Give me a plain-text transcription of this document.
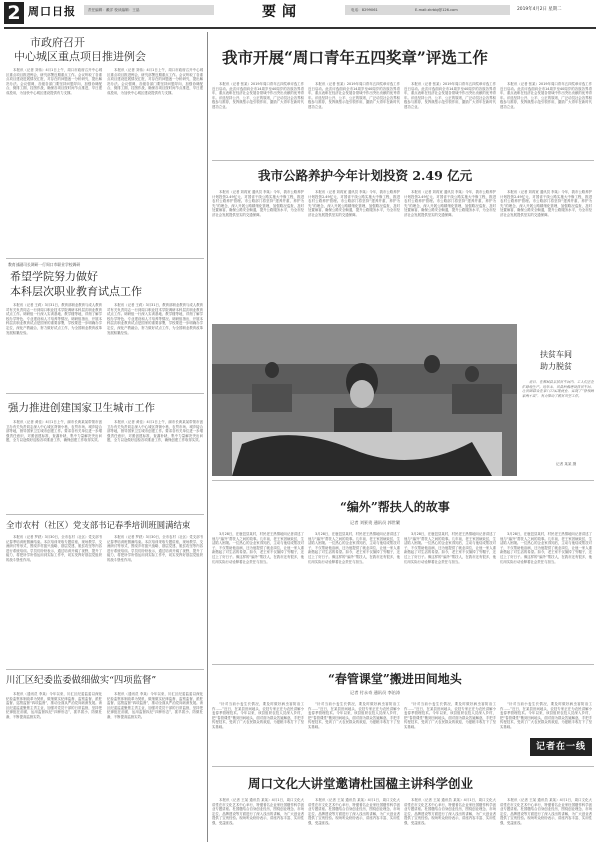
2 周口日报	责任编辑：戴洋 校读编辑：王晶	要闻	电话：8299061	E-mail:zkrbbj@126.com	2019年4月2日 星期二
市政府召开
中心城区重点项目推进例会

本报讯（记者 刘伟）4月1日上午，周口市政府召开中心城区重点项目推进例会，研究部署近期重点工作。会议听取了各重点项目建设进展情况汇报，对存在的问题逐一分析研究，提出解决办法。会议强调，各级各部门要坚持问题导向，加强协调配合，倒排工期，挂图作战，确保各项目按时间节点推进，早日建成投用，为加快中心城区建设提供有力支撑。

本报讯（记者 刘伟）4月1日上午，周口市政府召开中心城区重点项目推进例会，研究部署近期重点工作。会议听取了各重点项目建设进展情况汇报，对存在的问题逐一分析研究，提出解决办法。会议强调，各级各部门要坚持问题导向，加强协调配合，倒排工期，挂图作战，确保各项目按时间节点推进，早日建成投用，为加快中心城区建设提供有力支撑。

教育部副司长调研一行周口市职业学校调研
希望学院努力做好
本科层次职业教育试点工作

本报讯（记者 王莉）3月31日，教育部职业教育与成人教育司有关负责同志一行到周口职业技术学院调研本科层次职业教育试点工作。调研组一行深入实训基地、教学楼等地，详细了解学校办学特色、专业建设和人才培养等情况。调研组指出，开展本科层次职业教育试点是国家的重要部署，学校要进一步明确办学定位，深化产教融合，努力做好试点工作，为全国职业教育改革发展积累经验。

本报讯（记者 王莉）3月31日，教育部职业教育与成人教育司有关负责同志一行到周口职业技术学院调研本科层次职业教育试点工作。调研组一行深入实训基地、教学楼等地，详细了解学校办学特色、专业建设和人才培养等情况。调研组指出，开展本科层次职业教育试点是国家的重要部署，学校要进一步明确办学定位，深化产教融合，努力做好试点工作，为全国职业教育改革发展积累经验。

强力推进创建国家卫生城市工作

本报讯（记者 黄佳）4月1日上午，副市长黄某某带领市创卫办有关负责同志深入中心城区背街小巷、农贸市场、城乡接合部等地，督导国家卫生城市创建工作。要求各有关单位进一步增强责任意识，对照创建标准，查漏补缺，集中力量解决突出问题，全力以赴做好迎检各项准备工作，确保创建工作取得实效。

本报讯（记者 黄佳）4月1日上午，副市长黄某某带领市创卫办有关负责同志深入中心城区背街小巷、农贸市场、城乡接合部等地，督导国家卫生城市创建工作。要求各有关单位进一步增强责任意识，对照创建标准，查漏补缺，集中力量解决突出问题，全力以赴做好迎检各项准备工作，确保创建工作取得实效。

全市农村（社区）党支部书记春季培训班圆满结束

本报讯（记者 罗跃）3月30日，全市农村（社区）党支部书记春季培训班圆满结束。本次培训采取专题讲座、现场教学、交流研讨等形式，围绕乡村振兴战略、基层党建、脱贫攻坚等内容进行系统培训。学员们纷纷表示，通过培训开阔了视野，提升了能力，将把所学所悟运用到实际工作中，切实发挥好基层党组织的战斗堡垒作用。

本报讯（记者 罗跃）3月30日，全市农村（社区）党支部书记春季培训班圆满结束。本次培训采取专题讲座、现场教学、交流研讨等形式，围绕乡村振兴战略、基层党建、脱贫攻坚等内容进行系统培训。学员们纷纷表示，通过培训开阔了视野，提升了能力，将把所学所悟运用到实际工作中，切实发挥好基层党组织的战斗堡垒作用。

川汇区纪委监委做细做实“四项监督”

本报讯（通讯员 李某）今年以来，川汇区纪委监委以深化纪检监察体制改革为契机，做细做实纪律监督、监察监督、派驻监督、巡察监督“四项监督”，推动全面从严治党向纵深发展。该区纪委监委聚焦主责主业，加强对党员干部的日常监督，坚持把纪律挺在前面，运用监督执纪“四种形态”，抓早抓小、防微杜渐，不断提高监督实效。

本报讯（通讯员 李某）今年以来，川汇区纪委监委以深化纪检监察体制改革为契机，做细做实纪律监督、监察监督、派驻监督、巡察监督“四项监督”，推动全面从严治党向纵深发展。该区纪委监委聚焦主责主业，加强对党员干部的日常监督，坚持把纪律挺在前面，运用监督执纪“四种形态”，抓早抓小、防微杜渐，不断提高监督实效。

我市开展“周口青年五四奖章”评选工作

本报讯（记者 张某）2019年周口青年五四奖章评选工作近日启动。此次评选面向全市14周岁至40周岁的各族各界青年，重点表彰在经济社会发展各领域中作出突出贡献的优秀青年。评选坚持公开、公平、公正的原则，广泛动员社会各界积极参与推荐，发挥典型示范引领作用，激励广大青年在新时代建功立业。

本报讯（记者 张某）2019年周口青年五四奖章评选工作近日启动。此次评选面向全市14周岁至40周岁的各族各界青年，重点表彰在经济社会发展各领域中作出突出贡献的优秀青年。评选坚持公开、公平、公正的原则，广泛动员社会各界积极参与推荐，发挥典型示范引领作用，激励广大青年在新时代建功立业。

本报讯（记者 张某）2019年周口青年五四奖章评选工作近日启动。此次评选面向全市14周岁至40周岁的各族各界青年，重点表彰在经济社会发展各领域中作出突出贡献的优秀青年。评选坚持公开、公平、公正的原则，广泛动员社会各界积极参与推荐，发挥典型示范引领作用，激励广大青年在新时代建功立业。

本报讯（记者 张某）2019年周口青年五四奖章评选工作近日启动。此次评选面向全市14周岁至40周岁的各族各界青年，重点表彰在经济社会发展各领域中作出突出贡献的优秀青年。评选坚持公开、公平、公正的原则，广泛动员社会各界积极参与推荐，发挥典型示范引领作用，激励广大青年在新时代建功立业。

我市公路养护今年计划投资 2.49 亿元

本报讯（记者 刘再宽 通讯员 李某）今年，我市公路养护计划投资2.49亿元，对国省干线公路实施大中修工程，推进农村公路养护管理。市公路部门将坚持“建养并重、养护为先”的理念，深入开展公路精细化管理，加强路况巡查，及时处置病害，确保公路安全畅通，提升公路服务水平，为全市经济社会发展提供坚实的交通保障。

本报讯（记者 刘再宽 通讯员 李某）今年，我市公路养护计划投资2.49亿元，对国省干线公路实施大中修工程，推进农村公路养护管理。市公路部门将坚持“建养并重、养护为先”的理念，深入开展公路精细化管理，加强路况巡查，及时处置病害，确保公路安全畅通，提升公路服务水平，为全市经济社会发展提供坚实的交通保障。

本报讯（记者 刘再宽 通讯员 李某）今年，我市公路养护计划投资2.49亿元，对国省干线公路实施大中修工程，推进农村公路养护管理。市公路部门将坚持“建养并重、养护为先”的理念，深入开展公路精细化管理，加强路况巡查，及时处置病害，确保公路安全畅通，提升公路服务水平，为全市经济社会发展提供坚实的交通保障。

本报讯（记者 刘再宽 通讯员 李某）今年，我市公路养护计划投资2.49亿元，对国省干线公路实施大中修工程，推进农村公路养护管理。市公路部门将坚持“建养并重、养护为先”的理念，深入开展公路精细化管理，加强路况巡查，及时处置病害，确保公路安全畅通，提升公路服务水平，为全市经济社会发展提供坚实的交通保障。

扶贫车间
助力脱贫

近日，在郸城县某扶贫车间内，工人们正在忙碌地生产。近年来，该县积极建设扶贫车间，让贫困群众在家门口实现就业，实现了“挣钱顾家两不误”，有力推动了脱贫攻坚工作。

记者 某某 摄
“编外”帮扶人的故事
记者 刘景贵 通讯员 郭世繁

3月28日，在鹿邑县某村，村民老王热情地向记者讲述了他与“编外”帮扶人之间的故事。几年前，老王家因病致贫，生活陷入困境。一位热心的企业家得知后，主动与他结成帮扶对子，不仅帮助他治病，还为他提供了就业岗位，让他一家人重新燃起了对生活的希望。如今，老王家不仅摘掉了穷帽子，还过上了好日子。像这样的“编外”帮扶人，在我市还有很多，他们用实际行动诠释着社会责任与担当。

3月28日，在鹿邑县某村，村民老王热情地向记者讲述了他与“编外”帮扶人之间的故事。几年前，老王家因病致贫，生活陷入困境。一位热心的企业家得知后，主动与他结成帮扶对子，不仅帮助他治病，还为他提供了就业岗位，让他一家人重新燃起了对生活的希望。如今，老王家不仅摘掉了穷帽子，还过上了好日子。像这样的“编外”帮扶人，在我市还有很多，他们用实际行动诠释着社会责任与担当。

3月28日，在鹿邑县某村，村民老王热情地向记者讲述了他与“编外”帮扶人之间的故事。几年前，老王家因病致贫，生活陷入困境。一位热心的企业家得知后，主动与他结成帮扶对子，不仅帮助他治病，还为他提供了就业岗位，让他一家人重新燃起了对生活的希望。如今，老王家不仅摘掉了穷帽子，还过上了好日子。像这样的“编外”帮扶人，在我市还有很多，他们用实际行动诠释着社会责任与担当。

3月28日，在鹿邑县某村，村民老王热情地向记者讲述了他与“编外”帮扶人之间的故事。几年前，老王家因病致贫，生活陷入困境。一位热心的企业家得知后，主动与他结成帮扶对子，不仅帮助他治病，还为他提供了就业岗位，让他一家人重新燃起了对生活的希望。如今，老王家不仅摘掉了穷帽子，还过上了好日子。像这样的“编外”帮扶人，在我市还有很多，他们用实际行动诠释着社会责任与担当。

“春管课堂”搬进田间地头
记者 付永奇 通讯员 李治涛

“针对当前小麦生长情况，要及时做好病虫害防治工作……”近日，在某县田间地头，农技专家正在为农民讲解小麦春季管理技术。今年以来，该县组织农技人员深入乡村，把“春管课堂”搬到田间地头，面对面为群众答疑解惑，手把手传授技术，受到了广大农民群众的欢迎，为夏粮丰收打下了坚实基础。

“针对当前小麦生长情况，要及时做好病虫害防治工作……”近日，在某县田间地头，农技专家正在为农民讲解小麦春季管理技术。今年以来，该县组织农技人员深入乡村，把“春管课堂”搬到田间地头，面对面为群众答疑解惑，手把手传授技术，受到了广大农民群众的欢迎，为夏粮丰收打下了坚实基础。

“针对当前小麦生长情况，要及时做好病虫害防治工作……”近日，在某县田间地头，农技专家正在为农民讲解小麦春季管理技术。今年以来，该县组织农技人员深入乡村，把“春管课堂”搬到田间地头，面对面为群众答疑解惑，手把手传授技术，受到了广大农民群众的欢迎，为夏粮丰收打下了坚实基础。

“针对当前小麦生长情况，要及时做好病虫害防治工作……”近日，在某县田间地头，农技专家正在为农民讲解小麦春季管理技术。今年以来，该县组织农技人员深入乡村，把“春管课堂”搬到田间地头，面对面为群众答疑解惑，手把手传授技术，受到了广大农民群众的欢迎，为夏粮丰收打下了坚实基础。

记者在一线
周口文化大讲堂邀请杜国楹主讲科学创业

本报讯（记者 王某 通讯员 某某）4月1日，周口文化大讲堂在市文化艺术中心举行，特邀著名企业家杜国楹作科学创业专题讲座。杜国楹结合自身创业经历，围绕创业理念、市场定位、品牌建设等方面进行了深入浅出的讲解，为广大创业者提供了宝贵经验。现场听众纷纷表示，讲座内容丰富、实用性强，受益匪浅。

本报讯（记者 王某 通讯员 某某）4月1日，周口文化大讲堂在市文化艺术中心举行，特邀著名企业家杜国楹作科学创业专题讲座。杜国楹结合自身创业经历，围绕创业理念、市场定位、品牌建设等方面进行了深入浅出的讲解，为广大创业者提供了宝贵经验。现场听众纷纷表示，讲座内容丰富、实用性强，受益匪浅。

本报讯（记者 王某 通讯员 某某）4月1日，周口文化大讲堂在市文化艺术中心举行，特邀著名企业家杜国楹作科学创业专题讲座。杜国楹结合自身创业经历，围绕创业理念、市场定位、品牌建设等方面进行了深入浅出的讲解，为广大创业者提供了宝贵经验。现场听众纷纷表示，讲座内容丰富、实用性强，受益匪浅。

本报讯（记者 王某 通讯员 某某）4月1日，周口文化大讲堂在市文化艺术中心举行，特邀著名企业家杜国楹作科学创业专题讲座。杜国楹结合自身创业经历，围绕创业理念、市场定位、品牌建设等方面进行了深入浅出的讲解，为广大创业者提供了宝贵经验。现场听众纷纷表示，讲座内容丰富、实用性强，受益匪浅。
